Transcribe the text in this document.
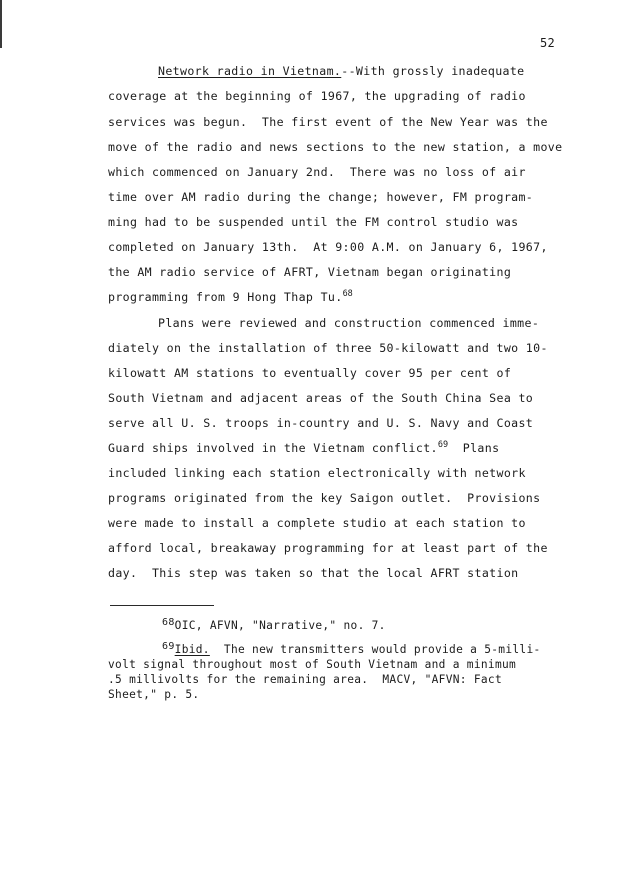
52
Network radio in Vietnam.--With grossly inadequate
coverage at the beginning of 1967, the upgrading of radio
services was begun.  The first event of the New Year was the
move of the radio and news sections to the new station, a move
which commenced on January 2nd.  There was no loss of air
time over AM radio during the change; however, FM program-
ming had to be suspended until the FM control studio was
completed on January 13th.  At 9:00 A.M. on January 6, 1967,
the AM radio service of AFRT, Vietnam began originating
programming from 9 Hong Thap Tu.$^{68}$
Plans were reviewed and construction commenced imme-
diately on the installation of three 50-kilowatt and two 10-
kilowatt AM stations to eventually cover 95 per cent of
South Vietnam and adjacent areas of the South China Sea to
serve all U. S. troops in-country and U. S. Navy and Coast
Guard ships involved in the Vietnam conflict.$^{69}$  Plans
included linking each station electronically with network
programs originated from the key Saigon outlet.  Provisions
were made to install a complete studio at each station to
afford local, breakaway programming for at least part of the
day.  This step was taken so that the local AFRT station
68OIC, AFVN, "Narrative," no. 7.
69Ibid.  The new transmitters would provide a 5-milli-
volt signal throughout most of South Vietnam and a minimum
.5 millivolts for the remaining area.  MACV, "AFVN: Fact
Sheet," p. 5.
